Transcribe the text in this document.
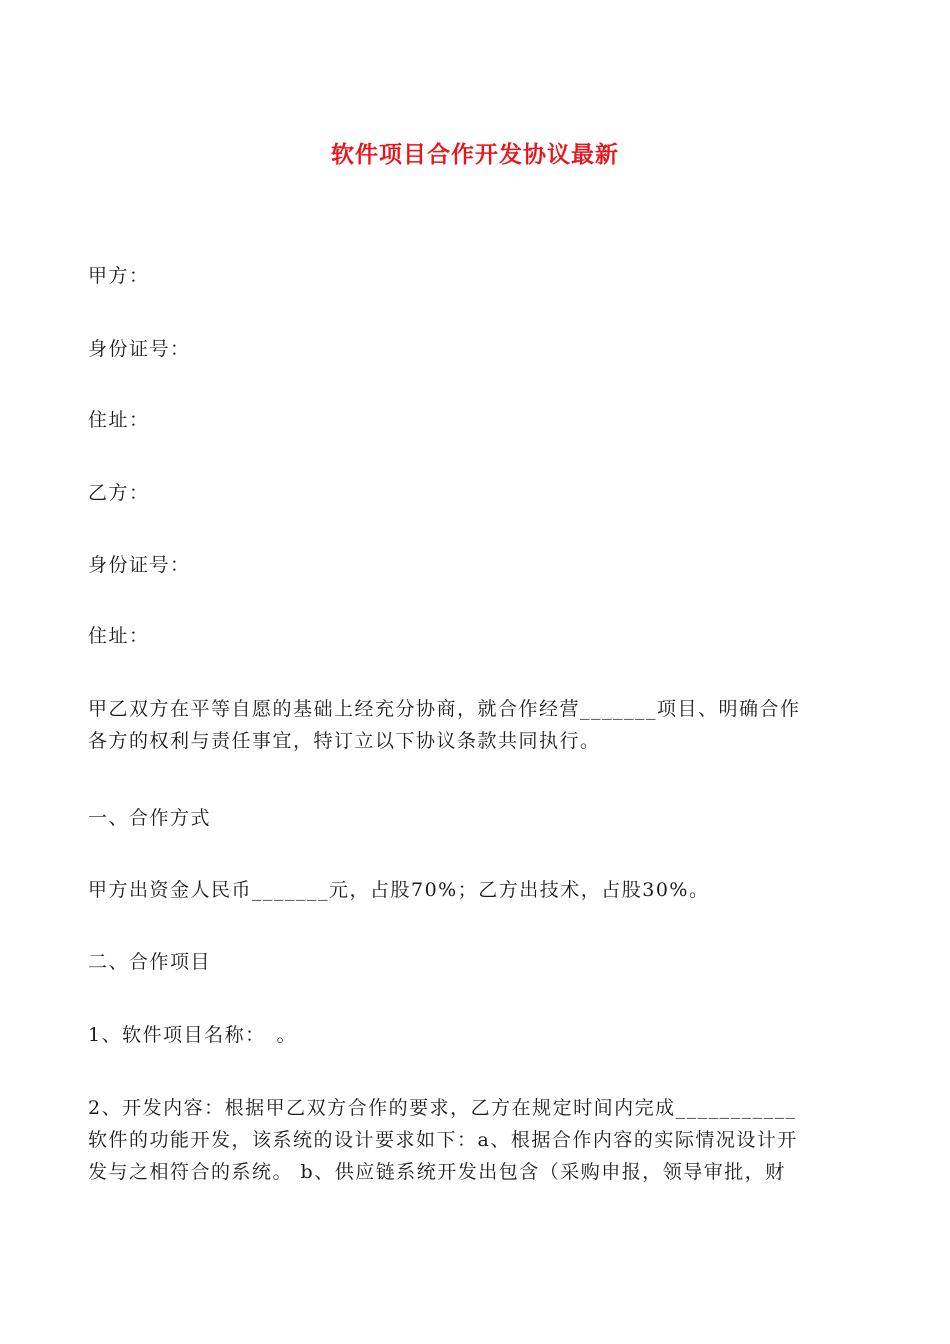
软件项目合作开发协议最新
甲方：
身份证号：
住址：
乙方：
身份证号：
住址：
甲乙双方在平等自愿的基础上经充分协商，就合作经营_______项目、明确合作
各方的权利与责任事宜，特订立以下协议条款共同执行。
一、合作方式
甲方出资金人民币_______元，占股70%；乙方出技术，占股30%。
二、合作项目
1、软件项目名称：　。
2、开发内容：根据甲乙双方合作的要求，乙方在规定时间内完成___________
软件的功能开发，该系统的设计要求如下：a、根据合作内容的实际情况设计开
发与之相符合的系统。 b、供应链系统开发出包含（采购申报，领导审批，财
